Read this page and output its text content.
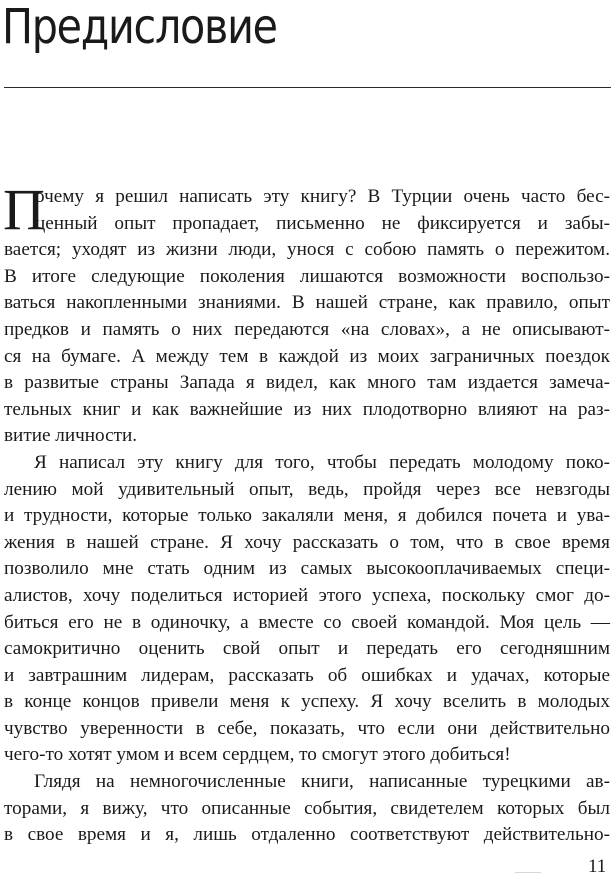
Предисловие
П
очему я решил написать эту книгу? В Турции очень часто бес-
ценный опыт пропадает, письменно не фиксируется и забы-
вается; уходят из жизни люди, унося с собою память о пережитом.
В итоге следующие поколения лишаются возможности воспользо-
ваться накопленными знаниями. В нашей стране, как правило, опыт
предков и память о них передаются «на словах», а не описывают-
ся на бумаге. А между тем в каждой из моих заграничных поездок
в развитые страны Запада я видел, как много там издается замеча-
тельных книг и как важнейшие из них плодотворно влияют на раз-
витие личности.
Я написал эту книгу для того, чтобы передать молодому поко-
лению мой удивительный опыт, ведь, пройдя через все невзгоды
и трудности, которые только закаляли меня, я добился почета и ува-
жения в нашей стране. Я хочу рассказать о том, что в свое время
позволило мне стать одним из самых высокооплачиваемых специ-
алистов, хочу поделиться историей этого успеха, поскольку смог до-
биться его не в одиночку, а вместе со своей командой. Моя цель —
самокритично оценить свой опыт и передать его сегодняшним
и завтрашним лидерам, рассказать об ошибках и удачах, которые
в конце концов привели меня к успеху. Я хочу вселить в молодых
чувство уверенности в себе, показать, что если они действительно
чего-то хотят умом и всем сердцем, то смогут этого добиться!
Глядя на немногочисленные книги, написанные турецкими ав-
торами, я вижу, что описанные события, свидетелем которых был
в свое время и я, лишь отдаленно соответствуют действительно-
11
